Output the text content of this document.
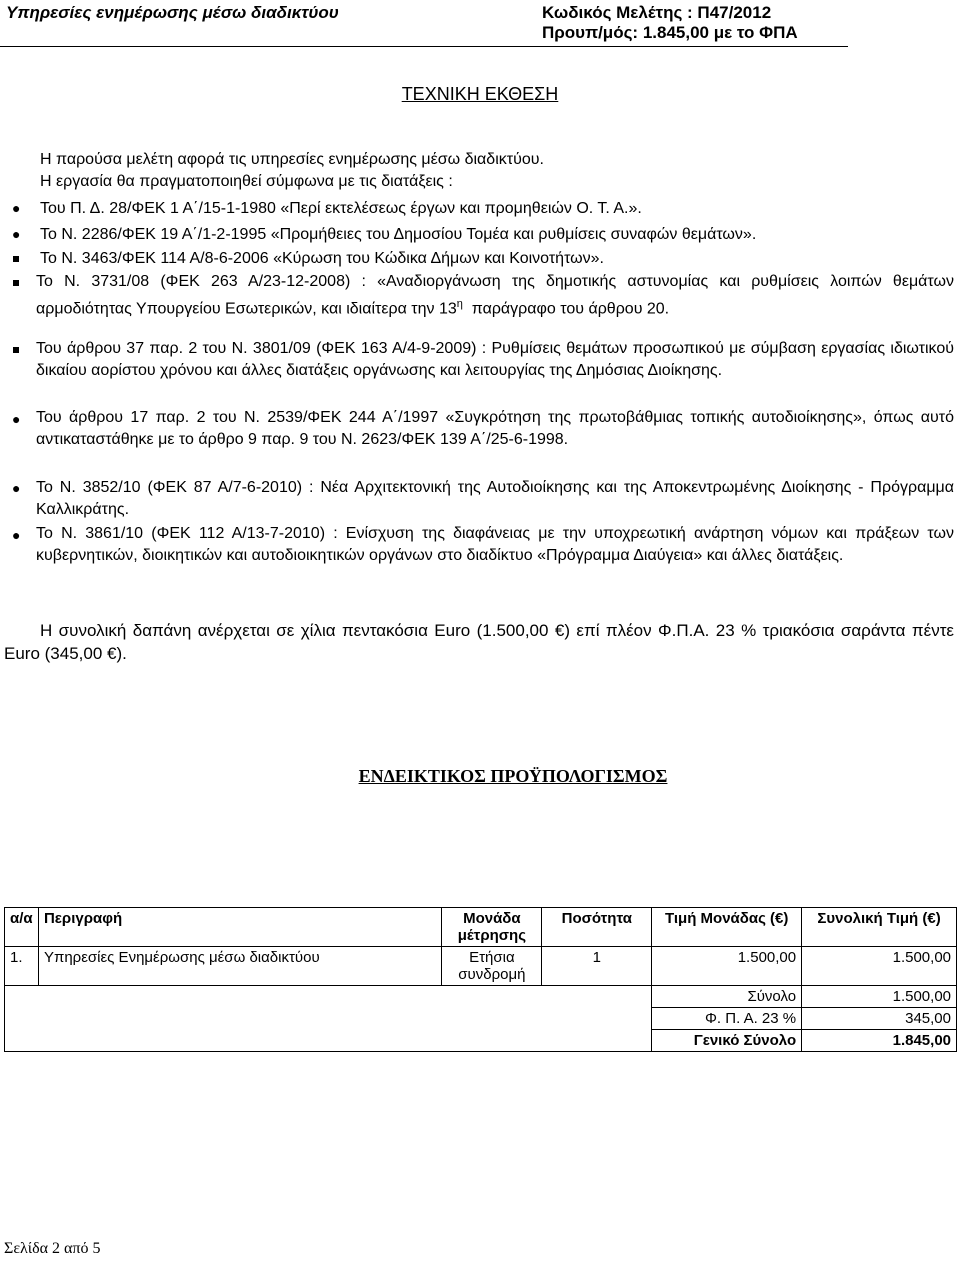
Υπηρεσίες ενημέρωσης μέσω διαδικτύου	Κωδικός Μελέτης : Π47/2012
Προυπ/μός: 1.845,00 με το ΦΠΑ
ΤΕΧΝΙΚΗ ΕΚΘΕΣΗ
Η παρούσα μελέτη αφορά τις υπηρεσίες ενημέρωσης μέσω διαδικτύου.
Η εργασία θα πραγματοποιηθεί σύμφωνα με τις διατάξεις :
● Του Π. Δ. 28/ΦΕΚ 1 Α΄/15-1-1980 «Περί εκτελέσεως έργων και προμηθειών Ο. Τ. Α.».
● Το Ν. 2286/ΦΕΚ 19 Α΄/1-2-1995 «Προμήθειες του Δημοσίου Τομέα και ρυθμίσεις συναφών θεμάτων».
Το Ν. 3463/ΦΕΚ 114 Α/8-6-2006 «Κύρωση του Κώδικα Δήμων και Κοινοτήτων».
Το Ν. 3731/08 (ΦΕΚ 263 Α/23-12-2008) : «Αναδιοργάνωση της δημοτικής αστυνομίας και ρυθμίσεις λοιπών θεμάτων αρμοδιότητας Υπουργείου Εσωτερικών, και ιδιαίτερα την $13^\eta$ παράγραφο του άρθρου 20.
Του άρθρου 37 παρ. 2 του Ν. 3801/09 (ΦΕΚ 163 Α/4-9-2009) : Ρυθμίσεις θεμάτων προσωπικού με σύμβαση εργασίας ιδιωτικού δικαίου αορίστου χρόνου και άλλες διατάξεις οργάνωσης και λειτουργίας της Δημόσιας Διοίκησης.
● Του άρθρου 17 παρ. 2 του Ν. 2539/ΦΕΚ 244 Α΄/1997 «Συγκρότηση της πρωτοβάθμιας τοπικής αυτοδιοίκησης», όπως αυτό αντικαταστάθηκε με το άρθρο 9 παρ. 9 του Ν. 2623/ΦΕΚ 139 Α΄/25-6-1998.
● Το Ν. 3852/10 (ΦΕΚ 87 Α/7-6-2010) : Νέα Αρχιτεκτονική της Αυτοδιοίκησης και της Αποκεντρωμένης Διοίκησης - Πρόγραμμα Καλλικράτης.
● Το Ν. 3861/10 (ΦΕΚ 112 Α/13-7-2010) : Ενίσχυση της διαφάνειας με την υποχρεωτική ανάρτηση νόμων και πράξεων των κυβερνητικών, διοικητικών και αυτοδιοικητικών οργάνων στο διαδίκτυο «Πρόγραμμα Διαύγεια» και άλλες διατάξεις.
Η συνολική δαπάνη ανέρχεται σε χίλια πεντακόσια Euro (1.500,00 €) επί πλέον Φ.Π.Α. 23 % τριακόσια σαράντα πέντε Euro (345,00 €).
ΕΝΔΕΙΚΤΙΚΟΣ ΠΡΟΫΠΟΛΟΓΙΣΜΟΣ
α/α	Περιγραφή	Μονάδα μέτρησης	Ποσότητα	Τιμή Μονάδας (€)	Συνολική Τιμή (€)
1.	Υπηρεσίες Ενημέρωσης μέσω διαδικτύου	Ετήσια συνδρομή	1	1.500,00	1.500,00
				Σύνολο	1.500,00
				Φ. Π. Α. 23 %	345,00
				Γενικό Σύνολο	1.845,00
Σελίδα 2 από 5
